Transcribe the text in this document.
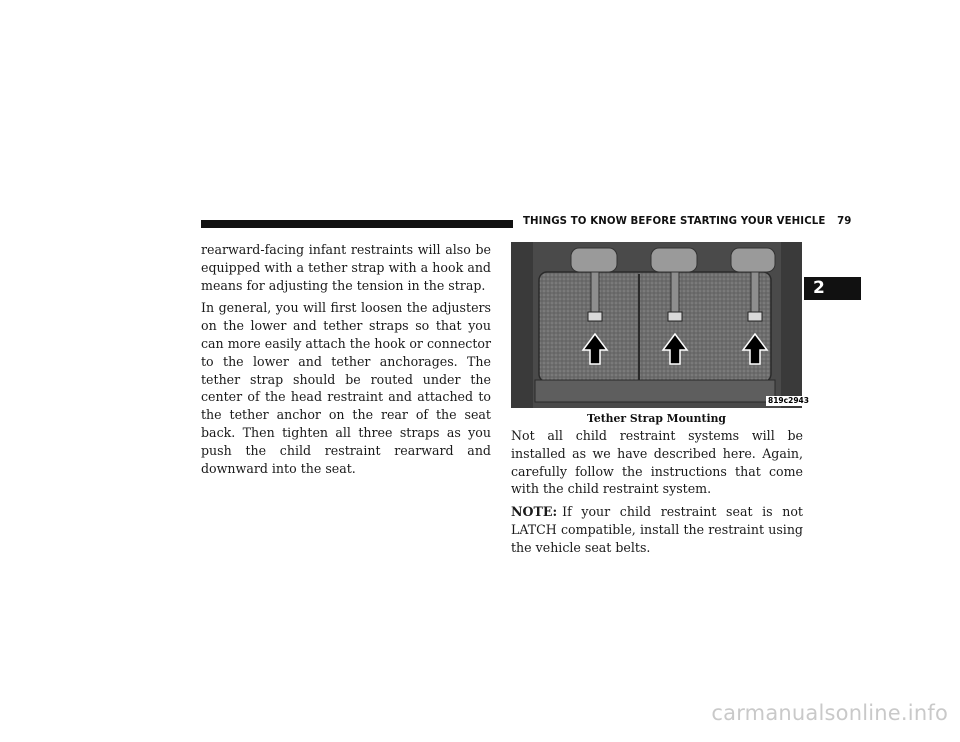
THINGS TO KNOW BEFORE STARTING YOUR VEHICLE 79
2

rearward-facing infant restraints will also be equipped with a tether strap with a hook and means for adjusting the tension in the strap.

In general, you will first loosen the adjusters on the lower and tether straps so that you can more easily attach the hook or connector to the lower and tether anchorages. The tether strap should be routed under the center of the head restraint and attached to the tether anchor on the rear of the seat back. Then tighten all three straps as you push the child restraint rearward and downward into the seat.

819c2943
Tether Strap Mounting

Not all child restraint systems will be installed as we have described here. Again, carefully follow the instructions that come with the child restraint system.

NOTE: If your child restraint seat is not LATCH compatible, install the restraint using the vehicle seat belts.

carmanualsonline.info
